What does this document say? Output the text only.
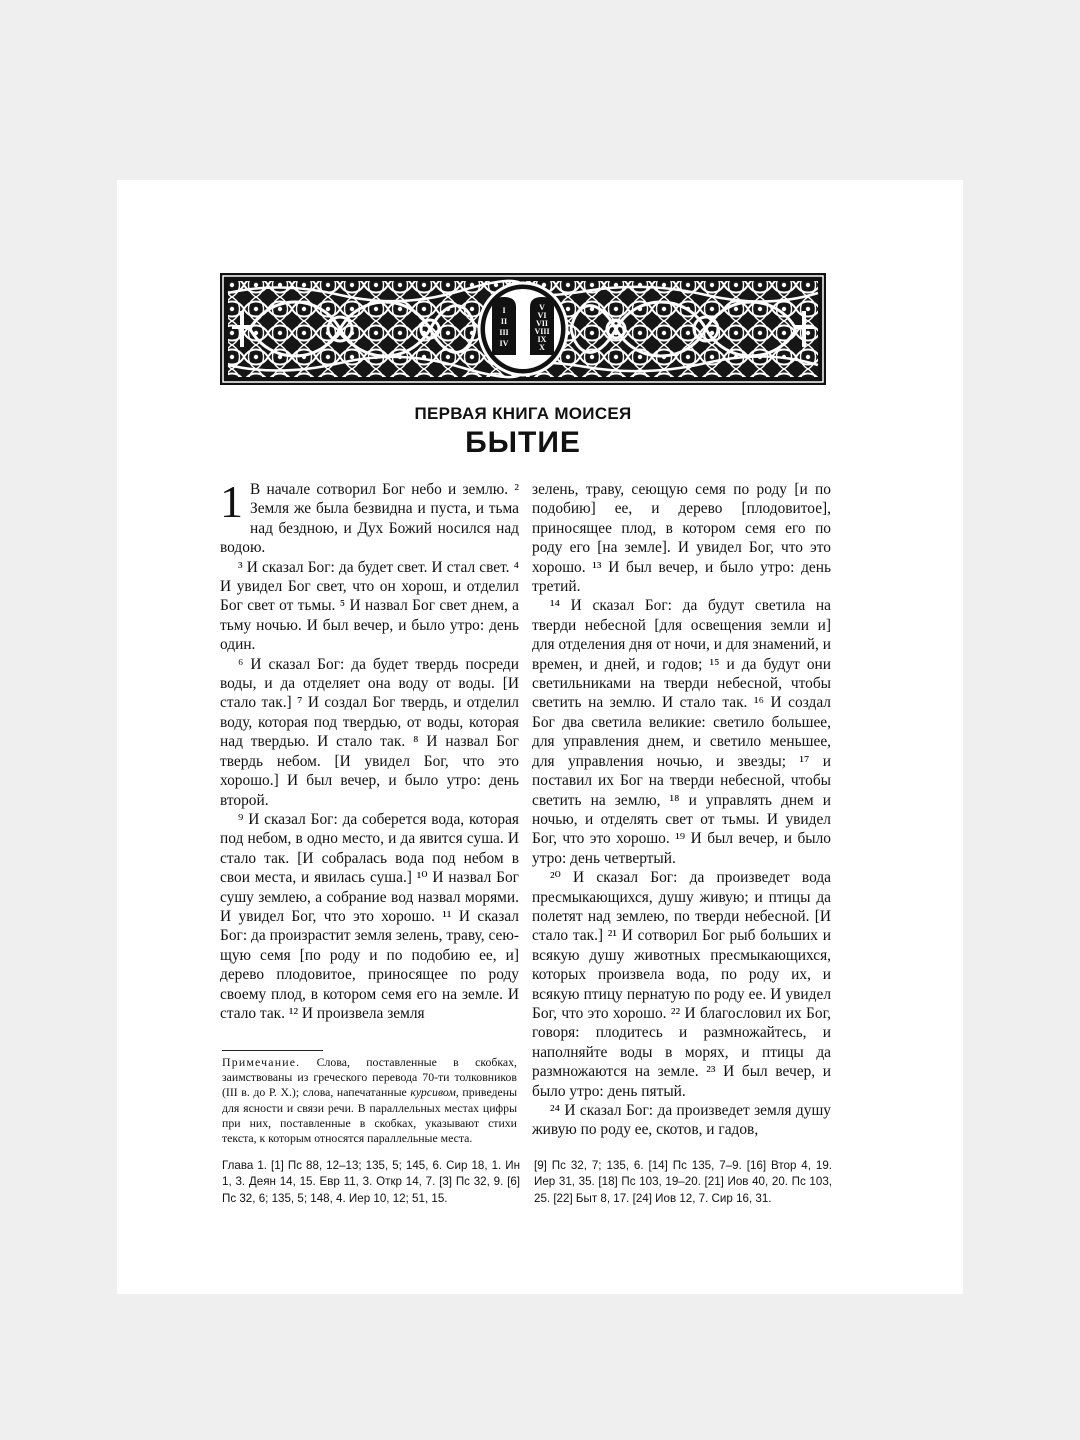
I
II
III
IV
V
VI
VII
VIII
IX
X
ПЕРВАЯ КНИГА МОИСЕЯ
БЫТИЕ

1 В начале сотворил Бог небо и землю. ² Земля же была безвидна и пуста, и тьма над бездною, и Дух Божий носился над водою.

³ И сказал Бог: да будет свет. И стал свет. ⁴ И увидел Бог свет, что он хорош, и отделил Бог свет от тьмы. ⁵ И назвал Бог свет днем, а тьму ночью. И был вечер, и было утро: день один.

⁶ И сказал Бог: да будет твердь посреди воды, и да отделяет она воду от воды. [И стало так.] ⁷ И создал Бог твердь, и отделил воду, которая под твердью, от воды, которая над твердью. И стало так. ⁸ И назвал Бог твердь небом. [И увидел Бог, что это хорошо.] И был вечер, и было утро: день второй.

⁹ И сказал Бог: да соберется вода, которая под небом, в одно место, и да явится суша. И стало так. [И собралась вода под небом в свои места, и явилась суша.] ¹⁰ И назвал Бог сушу землею, а собрание вод назвал морями. И увидел Бог, что это хорошо. ¹¹ И сказал Бог: да произрастит земля зелень, траву, сеющую семя [по роду и по подобию ее, и] дерево плодовитое, приносящее по роду своему плод, в котором семя его на земле. И стало так. ¹² И произвела земля

зелень, траву, сеющую семя по роду [и по подобию] ее, и дерево [плодовитое], приносящее плод, в котором семя его по роду его [на земле]. И увидел Бог, что это хорошо. ¹³ И был вечер, и было утро: день третий.

¹⁴ И сказал Бог: да будут светила на тверди небесной [для освещения земли и] для отделения дня от ночи, и для знамений, и времен, и дней, и годов; ¹⁵ и да будут они светильниками на тверди небесной, чтобы светить на землю. И стало так. ¹⁶ И создал Бог два светила великие: светило большее, для управления днем, и светило меньшее, для управления ночью, и звезды; ¹⁷ и поставил их Бог на тверди небесной, чтобы светить на землю, ¹⁸ и управлять днем и ночью, и отделять свет от тьмы. И увидел Бог, что это хорошо. ¹⁹ И был вечер, и было утро: день четвертый.

²⁰ И сказал Бог: да произведет вода пресмыкающихся, душу живую; и птицы да полетят над землею, по тверди небесной. [И стало так.] ²¹ И сотворил Бог рыб больших и всякую душу животных пресмыкающихся, которых произвела вода, по роду их, и всякую птицу пернатую по роду ее. И увидел Бог, что это хорошо. ²² И благословил их Бог, говоря: плодитесь и размножайтесь, и наполняйте воды в морях, и птицы да размножаются на земле. ²³ И был вечер, и было утро: день пятый.

²⁴ И сказал Бог: да произведет земля душу живую по роду ее, скотов, и гадов,

Примечание. Слова, поставленные в скобках, заимствованы из греческого перевода 70-ти толковников (III в. до Р. Х.); слова, напечатанные курсивом, приведены для ясности и связи речи. В параллельных местах цифры при них, поставленные в скобках, указывают стихи текста, к которым относятся параллельные места.
Глава 1. [1] Пс 88, 12–13; 135, 5; 145, 6. Сир 18, 1. Ин 1, 3. Деян 14, 15. Евр 11, 3. Откр 14, 7. [3] Пс 32, 9. [6] Пс 32, 6; 135, 5; 148, 4. Иер 10, 12; 51, 15.
[9] Пс 32, 7; 135, 6. [14] Пс 135, 7–9. [16] Втор 4, 19. Иер 31, 35. [18] Пс 103, 19–20. [21] Иов 40, 20. Пс 103, 25. [22] Быт 8, 17. [24] Иов 12, 7. Сир 16, 31.
